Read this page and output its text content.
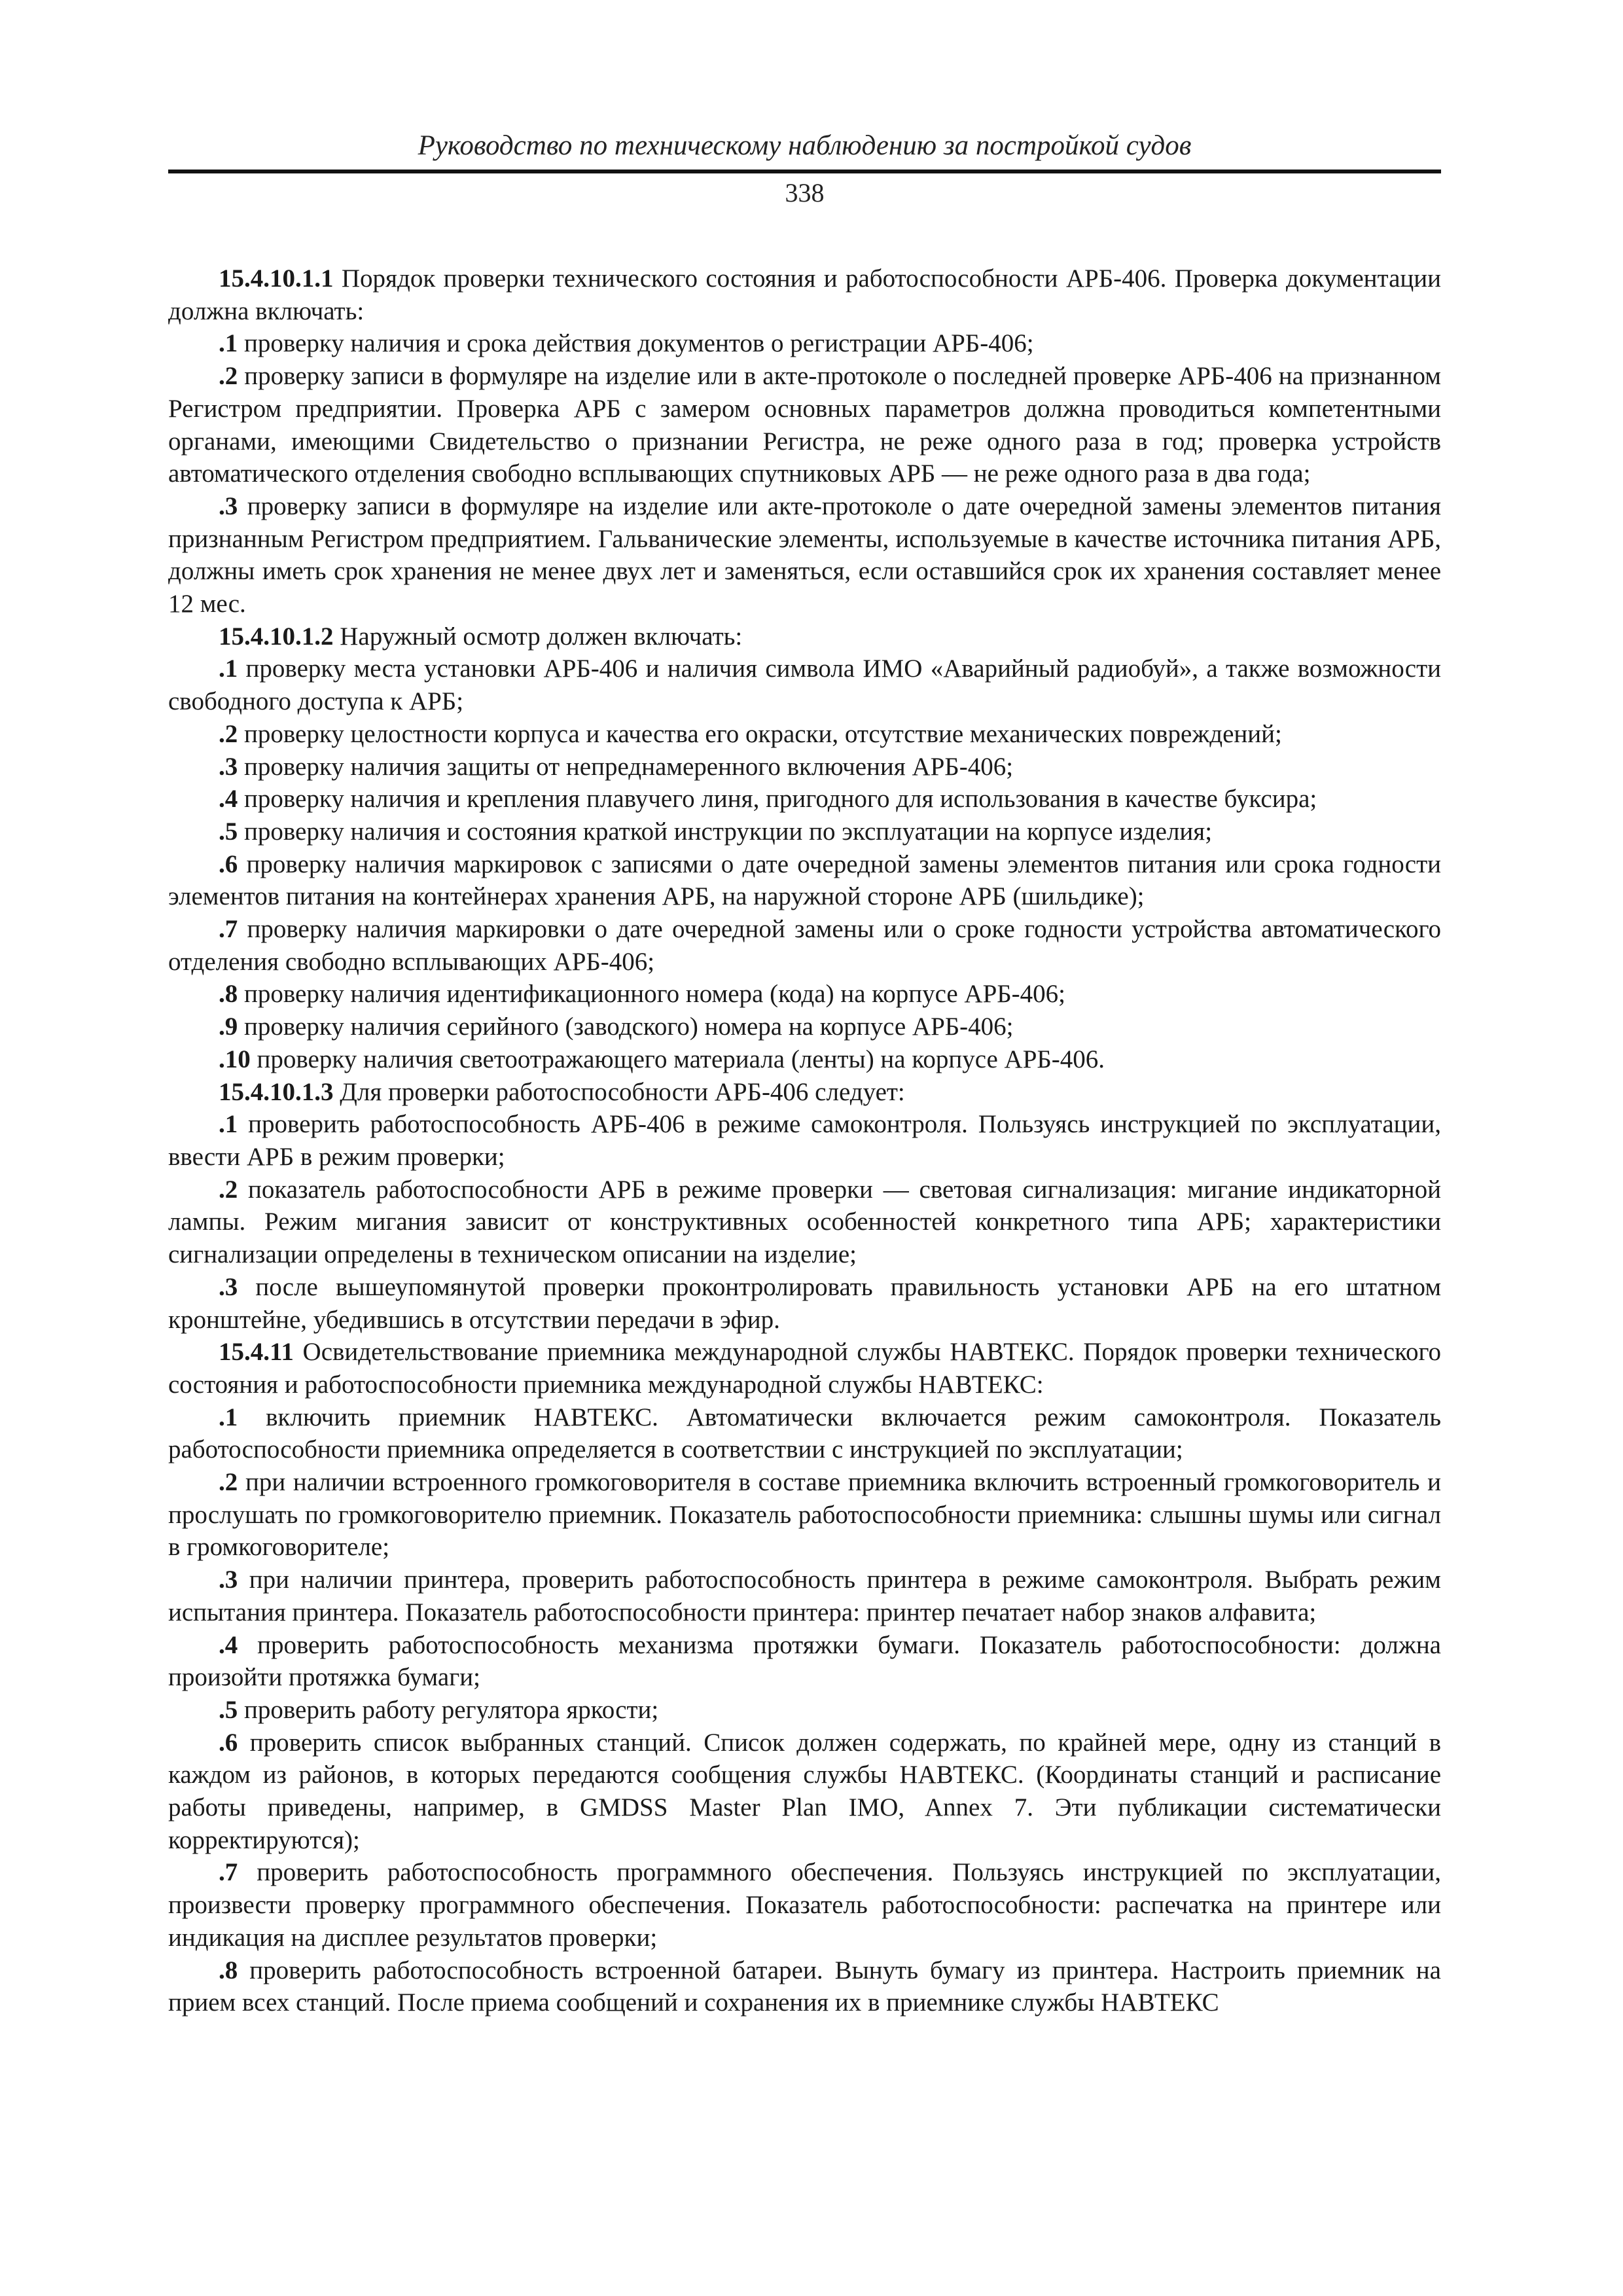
Руководство по техническому наблюдению за постройкой судов
338

15.4.10.1.1 Порядок проверки технического состояния и работоспособности АРБ-406. Проверка документации должна включать:

.1 проверку наличия и срока действия документов о регистрации АРБ-406;

.2 проверку записи в формуляре на изделие или в акте-протоколе о последней проверке АРБ-406 на признанном Регистром предприятии. Проверка АРБ с замером основных параметров должна проводиться компетентными органами, имеющими Свидетельство о признании Регистра, не реже одного раза в год; проверка устройств автоматического отделения свободно всплывающих спутниковых АРБ — не реже одного раза в два года;

.3 проверку записи в формуляре на изделие или акте-протоколе о дате очередной замены элементов питания признанным Регистром предприятием. Гальванические элементы, используемые в качестве источника питания АРБ, должны иметь срок хранения не менее двух лет и заменяться, если оставшийся срок их хранения составляет менее 12 мес.

15.4.10.1.2 Наружный осмотр должен включать:

.1 проверку места установки АРБ-406 и наличия символа ИМО «Аварийный радиобуй», а также возможности свободного доступа к АРБ;

.2 проверку целостности корпуса и качества его окраски, отсутствие механических повреждений;

.3 проверку наличия защиты от непреднамеренного включения АРБ-406;

.4 проверку наличия и крепления плавучего линя, пригодного для использования в качестве буксира;

.5 проверку наличия и состояния краткой инструкции по эксплуатации на корпусе изделия;

.6 проверку наличия маркировок с записями о дате очередной замены элементов питания или срока годности элементов питания на контейнерах хранения АРБ, на наружной стороне АРБ (шильдике);

.7 проверку наличия маркировки о дате очередной замены или о сроке годности устройства автоматического отделения свободно всплывающих АРБ-406;

.8 проверку наличия идентификационного номера (кода) на корпусе АРБ-406;

.9 проверку наличия серийного (заводского) номера на корпусе АРБ-406;

.10 проверку наличия светоотражающего материала (ленты) на корпусе АРБ-406.

15.4.10.1.3 Для проверки работоспособности АРБ-406 следует:

.1 проверить работоспособность АРБ-406 в режиме самоконтроля. Пользуясь инструкцией по эксплуатации, ввести АРБ в режим проверки;

.2 показатель работоспособности АРБ в режиме проверки — световая сигнализация: мигание индикаторной лампы. Режим мигания зависит от конструктивных особенностей конкретного типа АРБ; характеристики сигнализации определены в техническом описании на изделие;

.3 после вышеупомянутой проверки проконтролировать правильность установки АРБ на его штатном кронштейне, убедившись в отсутствии передачи в эфир.

15.4.11 Освидетельствование приемника международной службы НАВТЕКС. Порядок проверки технического состояния и работоспособности приемника международной службы НАВТЕКС:

.1 включить приемник НАВТЕКС. Автоматически включается режим самоконтроля. Показатель работоспособности приемника определяется в соответствии с инструкцией по эксплуатации;

.2 при наличии встроенного громкоговорителя в составе приемника включить встроенный громкоговоритель и прослушать по громкоговорителю приемник. Показатель работоспособности приемника: слышны шумы или сигнал в громкоговорителе;

.3 при наличии принтера, проверить работоспособность принтера в режиме самоконтроля. Выбрать режим испытания принтера. Показатель работоспособности принтера: принтер печатает набор знаков алфавита;

.4 проверить работоспособность механизма протяжки бумаги. Показатель работоспособности: должна произойти протяжка бумаги;

.5 проверить работу регулятора яркости;

.6 проверить список выбранных станций. Список должен содержать, по крайней мере, одну из станций в каждом из районов, в которых передаются сообщения службы НАВТЕКС. (Координаты станций и расписание работы приведены, например, в GMDSS Master Plan IMO, Annex 7. Эти публикации систематически корректируются);

.7 проверить работоспособность программного обеспечения. Пользуясь инструкцией по эксплуатации, произвести проверку программного обеспечения. Показатель работоспособности: распечатка на принтере или индикация на дисплее результатов проверки;

.8 проверить работоспособность встроенной батареи. Вынуть бумагу из принтера. Настроить приемник на прием всех станций. После приема сообщений и сохранения их в приемнике службы НАВТЕКС
